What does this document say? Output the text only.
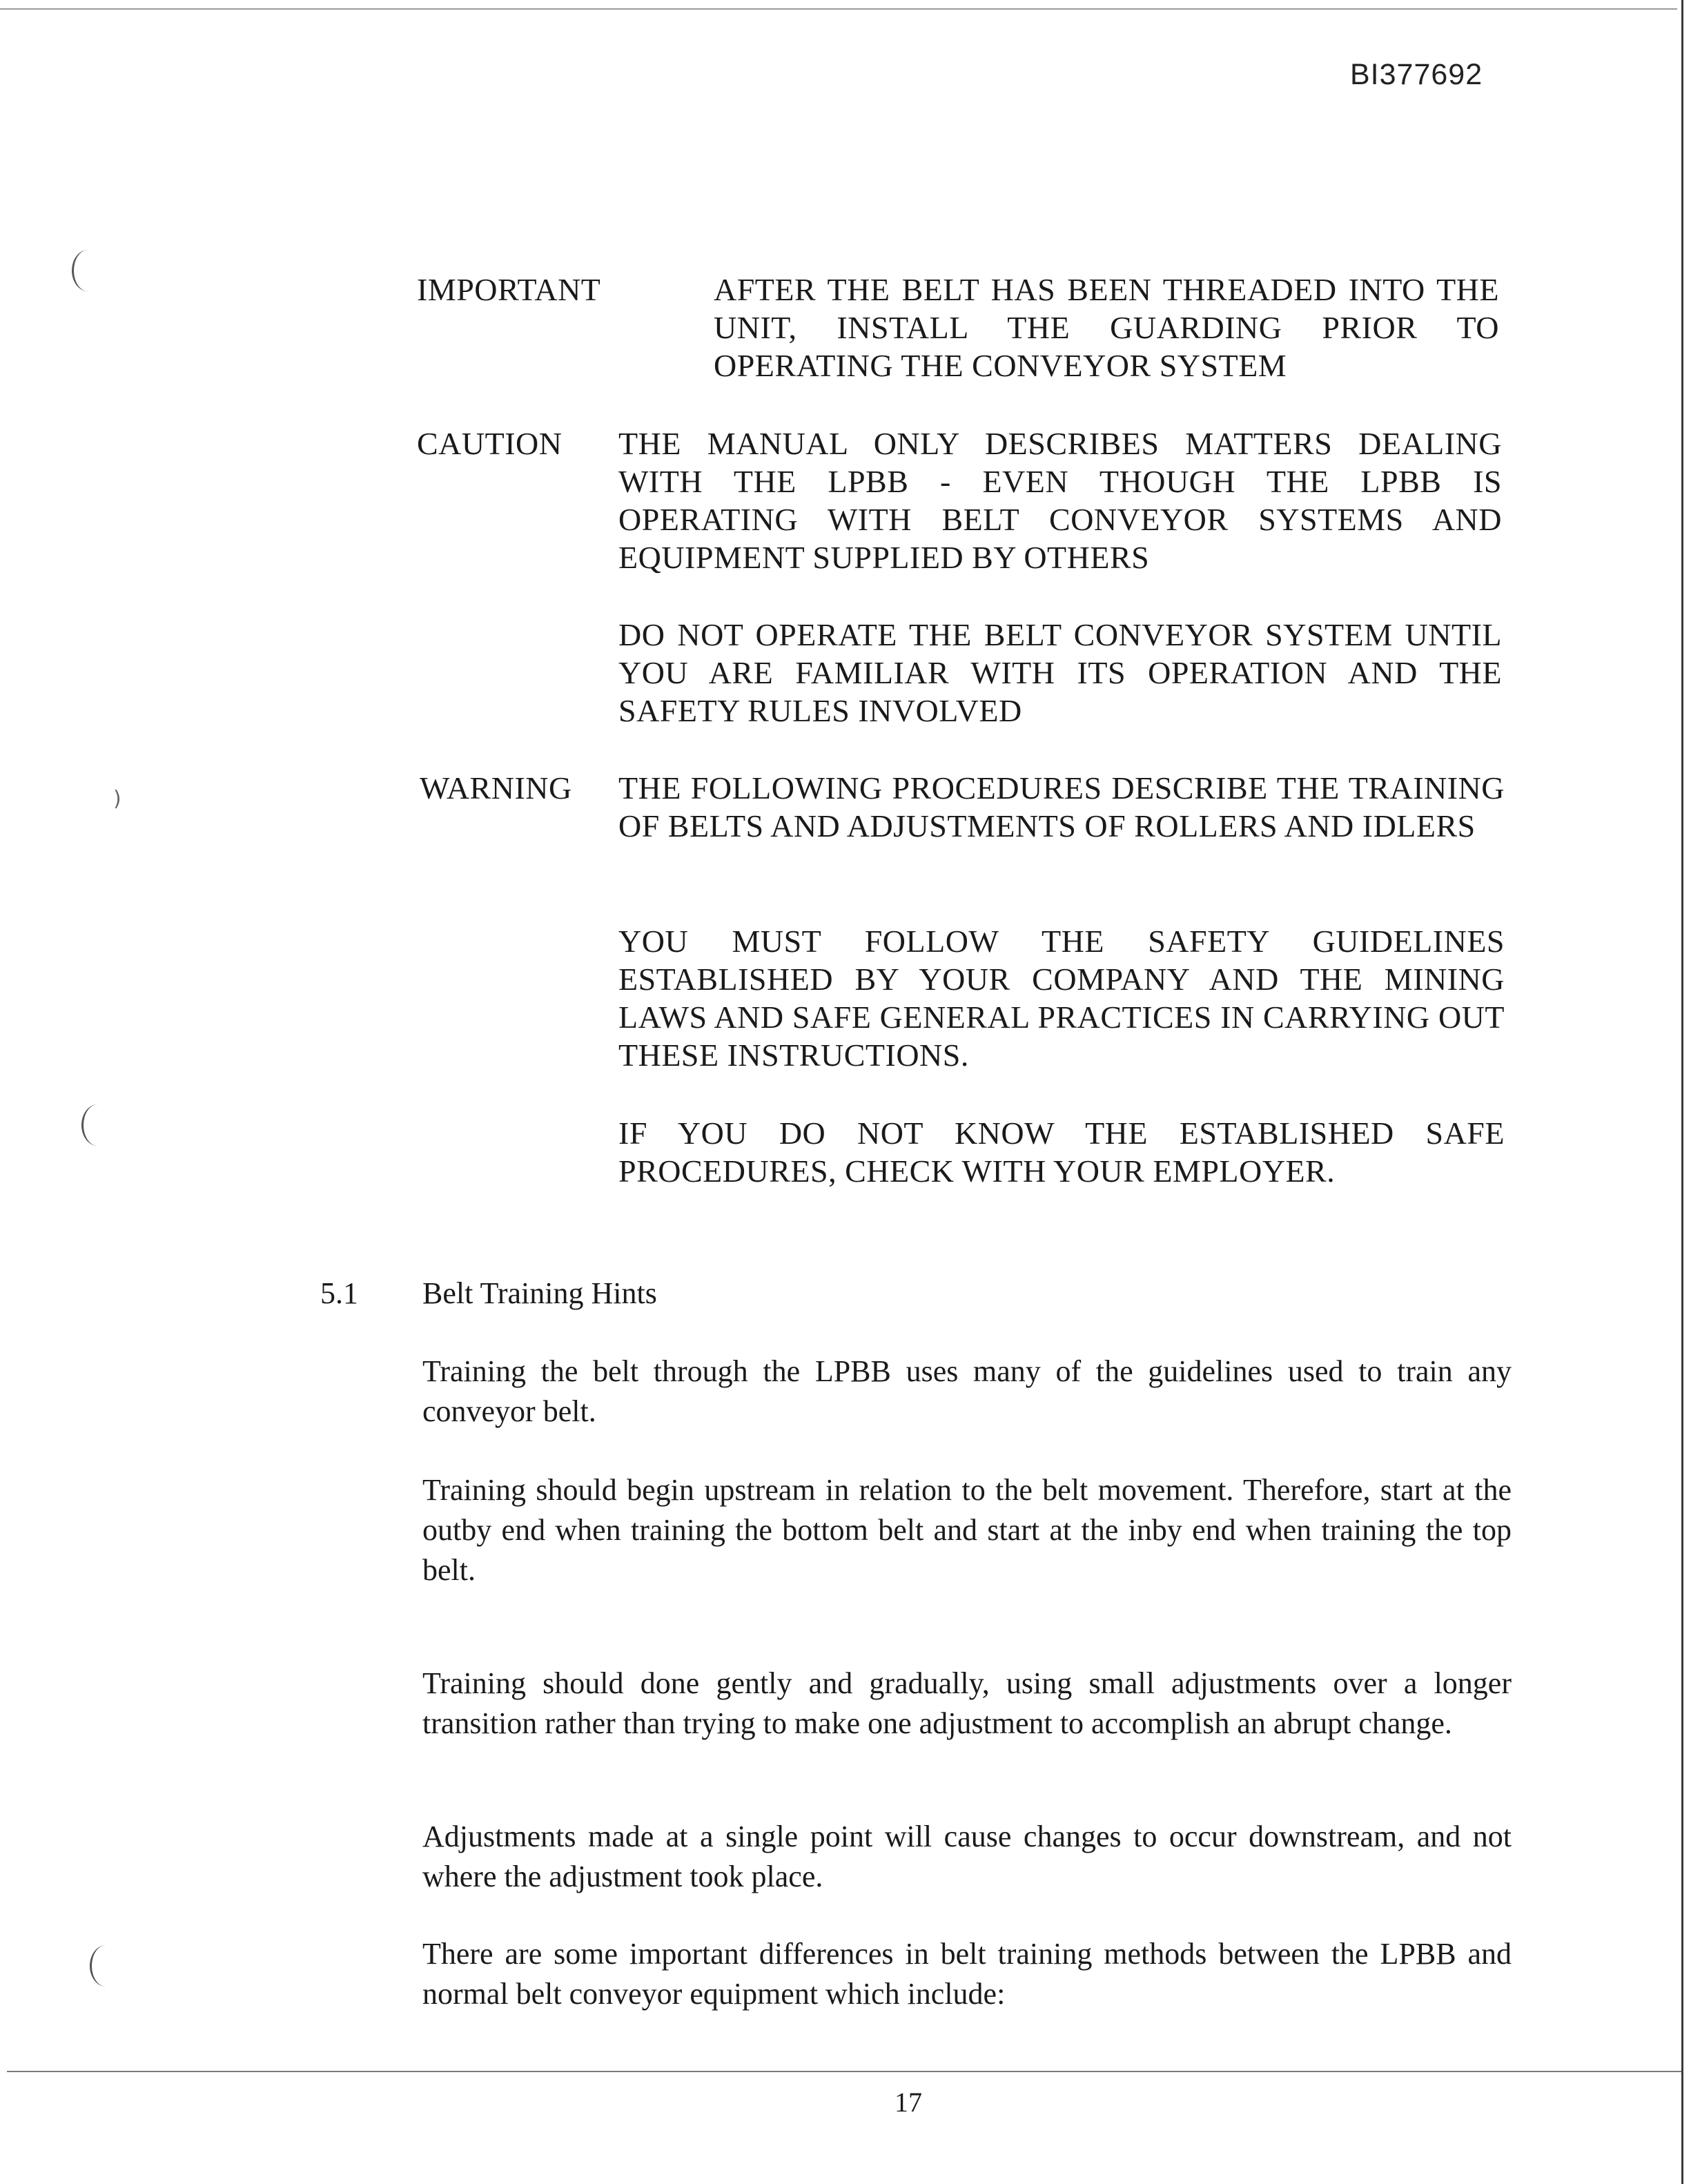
)
BI377692
IMPORTANT	AFTER THE BELT HAS BEEN THREADED INTO THE UNIT, INSTALL THE GUARDING PRIOR TO OPERATING THE CONVEYOR SYSTEM
CAUTION THE MANUAL ONLY DESCRIBES MATTERS DEALING WITH THE LPBB - EVEN THOUGH THE LPBB IS OPERATING WITH BELT CONVEYOR SYSTEMS AND EQUIPMENT SUPPLIED BY OTHERS
DO NOT OPERATE THE BELT CONVEYOR SYSTEM UNTIL YOU ARE FAMILIAR WITH ITS OPERATION AND THE SAFETY RULES INVOLVED
WARNING THE FOLLOWING PROCEDURES DESCRIBE THE TRAINING OF BELTS AND ADJUSTMENTS OF ROLLERS AND IDLERS
YOU MUST FOLLOW THE SAFETY GUIDELINES ESTABLISHED BY YOUR COMPANY AND THE MINING LAWS AND SAFE GENERAL PRACTICES IN CARRYING OUT THESE INSTRUCTIONS.
IF YOU DO NOT KNOW THE ESTABLISHED SAFE PROCEDURES, CHECK WITH YOUR EMPLOYER.
5.1 Belt Training Hints
Training the belt through the LPBB uses many of the guidelines used to train any conveyor belt.
Training should begin upstream in relation to the belt movement. Therefore, start at the outby end when training the bottom belt and start at the inby end when training the top belt.
Training should done gently and gradually, using small adjustments over a longer transition rather than trying to make one adjustment to accomplish an abrupt change.
Adjustments made at a single point will cause changes to occur downstream, and not where the adjustment took place.
There are some important differences in belt training methods between the LPBB and normal belt conveyor equipment which include:
17
